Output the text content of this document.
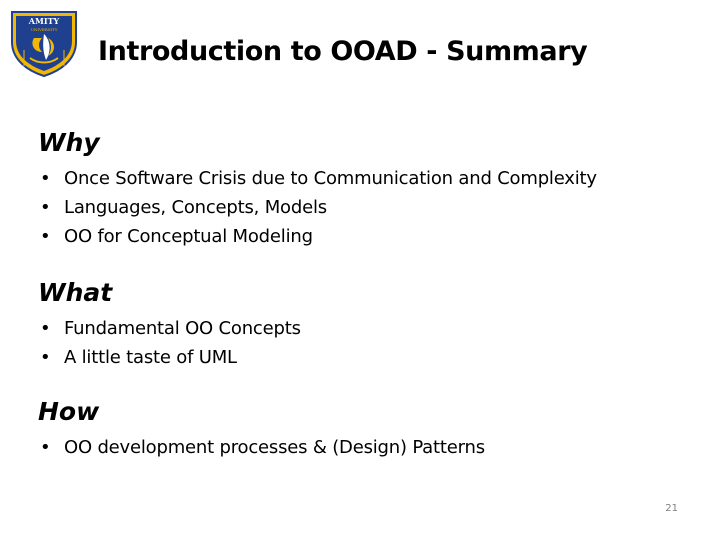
AMITY
UNIVERSITY
Introduction to OOAD - Summary
Why
• Once Software Crisis due to Communication and Complexity
• Languages, Concepts, Models
• OO for Conceptual Modeling
What
• Fundamental OO Concepts
• A little taste of UML
How
• OO development processes & (Design) Patterns
21
